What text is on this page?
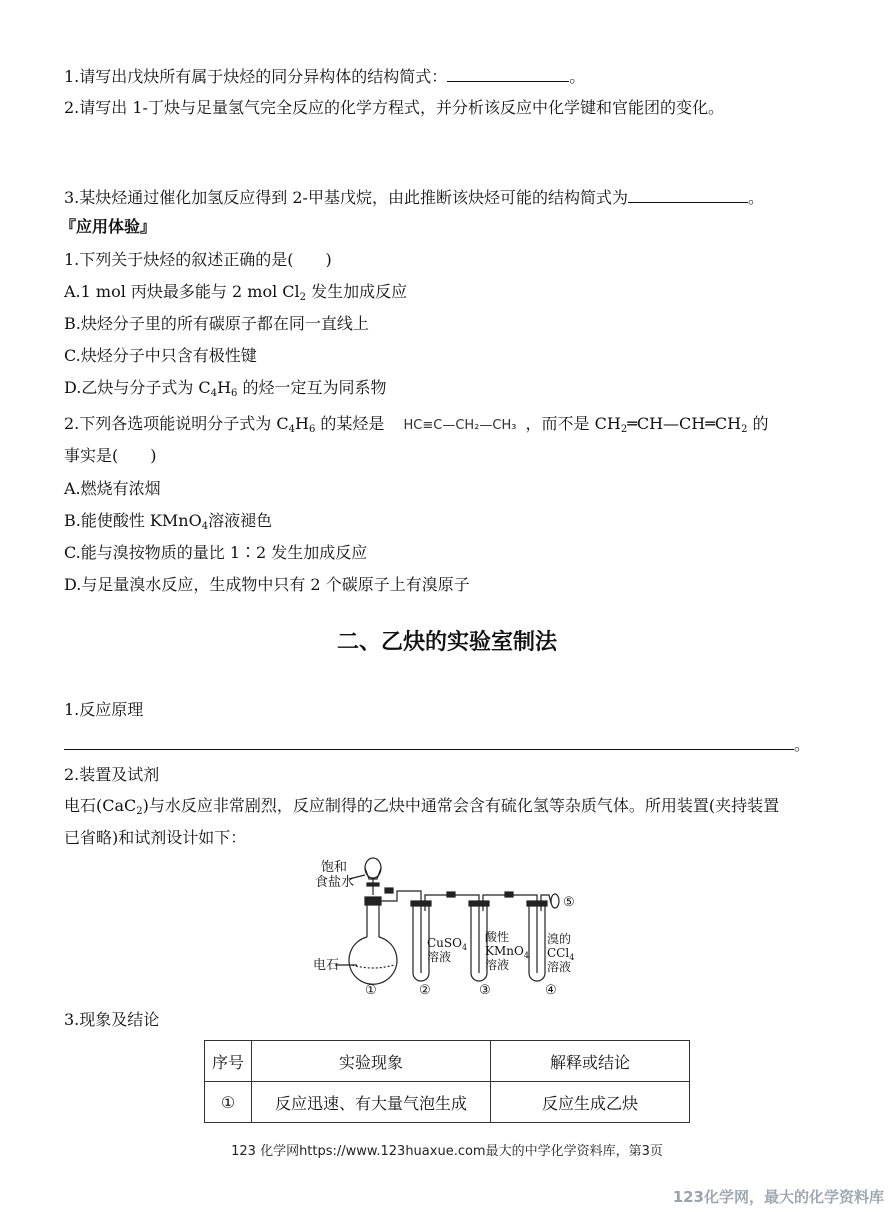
1.请写出戊炔所有属于炔烃的同分异构体的结构简式：	。
2.请写出 1-丁炔与足量氢气完全反应的化学方程式，并分析该反应中化学键和官能团的变化。
3.某炔烃通过催化加氢反应得到 2-甲基戊烷，由此推断该炔烃可能的结构简式为	。
『应用体验』
1.下列关于炔烃的叙述正确的是(　　)
A.1 mol 丙炔最多能与 2 mol $Cl_2$ 发生加成反应
B.炔烃分子里的所有碳原子都在同一直线上
C.炔烃分子中只含有极性键
D.乙炔与分子式为 $C_4H_6$ 的烃一定互为同系物
2.下列各选项能说明分子式为 $C_4H_6$ 的某烃是 HC≡C—CH₂—CH₃ ，而不是 $CH_2═CH—CH═CH_2$ 的
事实是(　　)
A.燃烧有浓烟
B.能使酸性 KMnO$_4$溶液褪色
C.能与溴按物质的量比 1∶2 发生加成反应
D.与足量溴水反应，生成物中只有 2 个碳原子上有溴原子
二、乙炔的实验室制法
1.反应原理
。
2.装置及试剂
电石(CaC$_2$)与水反应非常剧烈，反应制得的乙炔中通常会含有硫化氢等杂质气体。所用装置(夹持装置
已省略)和试剂设计如下：
饱和
食盐水
电石
CuSO$_4$
溶液
酸性
KMnO$_4$
溶液
溴的
CCl$_4$
溶液
①	②	③	④
⑤
3.现象及结论
序号	实验现象	解释或结论
①	反应迅速、有大量气泡生成	反应生成乙炔
123 化学网https://www.123huaxue.com最大的中学化学资料库，第3页
123化学网，最大的化学资料库
